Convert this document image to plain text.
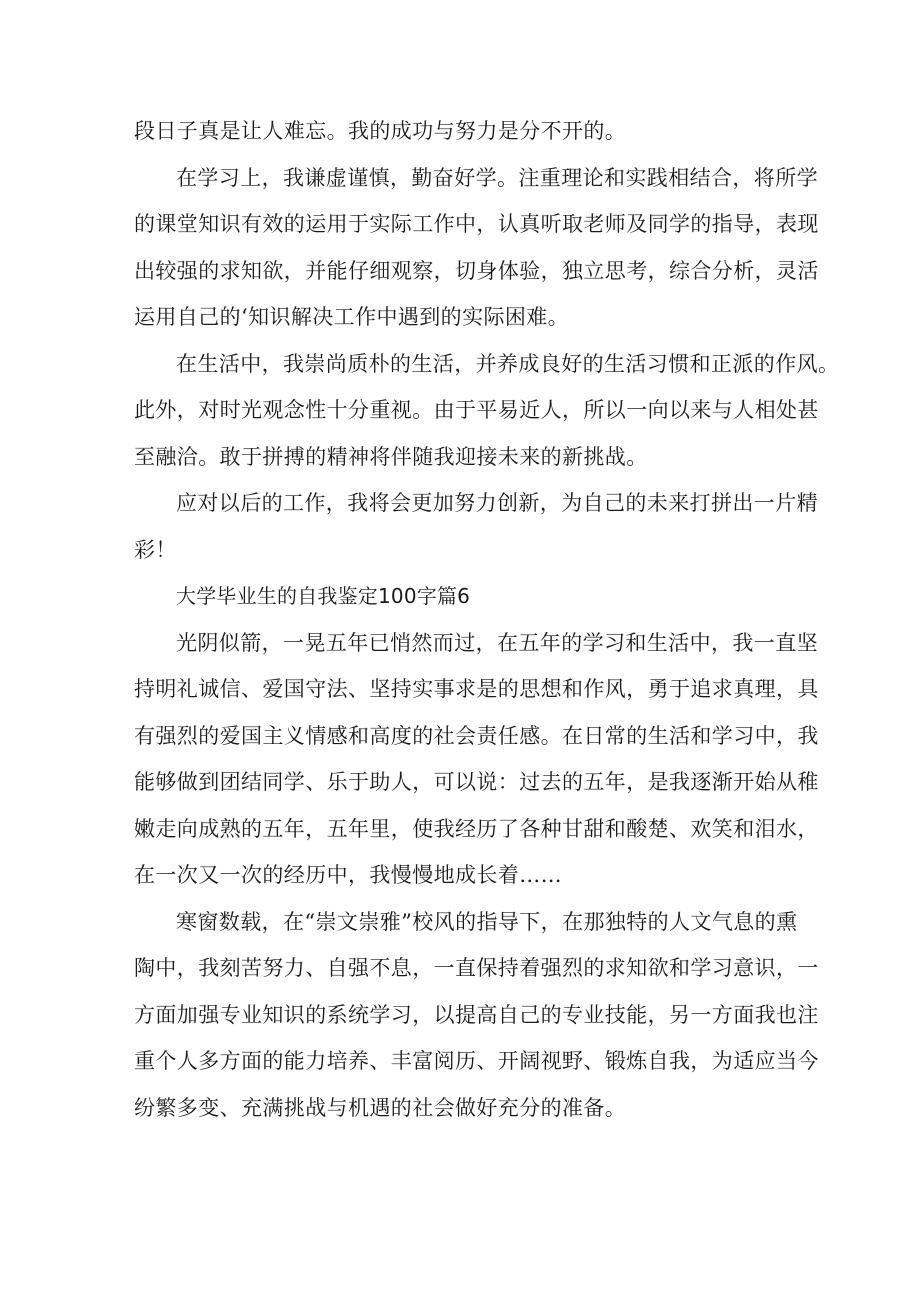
段日子真是让人难忘。我的成功与努力是分不开的。
在学习上，我谦虚谨慎，勤奋好学。注重理论和实践相结合，将所学
的课堂知识有效的运用于实际工作中，认真听取老师及同学的指导，表现
出较强的求知欲，并能仔细观察，切身体验，独立思考，综合分析，灵活
运用自己的‘知识解决工作中遇到的实际困难。
在生活中，我崇尚质朴的生活，并养成良好的生活习惯和正派的作风。
此外，对时光观念性十分重视。由于平易近人，所以一向以来与人相处甚
至融洽。敢于拼搏的精神将伴随我迎接未来的新挑战。
应对以后的工作，我将会更加努力创新，为自己的未来打拼出一片精
彩！
大学毕业生的自我鉴定100字篇6
光阴似箭，一晃五年已悄然而过，在五年的学习和生活中，我一直坚
持明礼诚信、爱国守法、坚持实事求是的思想和作风，勇于追求真理，具
有强烈的爱国主义情感和高度的社会责任感。在日常的生活和学习中，我
能够做到团结同学、乐于助人，可以说：过去的五年，是我逐渐开始从稚
嫩走向成熟的五年，五年里，使我经历了各种甘甜和酸楚、欢笑和泪水，
在一次又一次的经历中，我慢慢地成长着……
寒窗数载，在“崇文崇雅”校风的指导下，在那独特的人文气息的熏
陶中，我刻苦努力、自强不息，一直保持着强烈的求知欲和学习意识，一
方面加强专业知识的系统学习，以提高自己的专业技能，另一方面我也注
重个人多方面的能力培养、丰富阅历、开阔视野、锻炼自我，为适应当今
纷繁多变、充满挑战与机遇的社会做好充分的准备。
